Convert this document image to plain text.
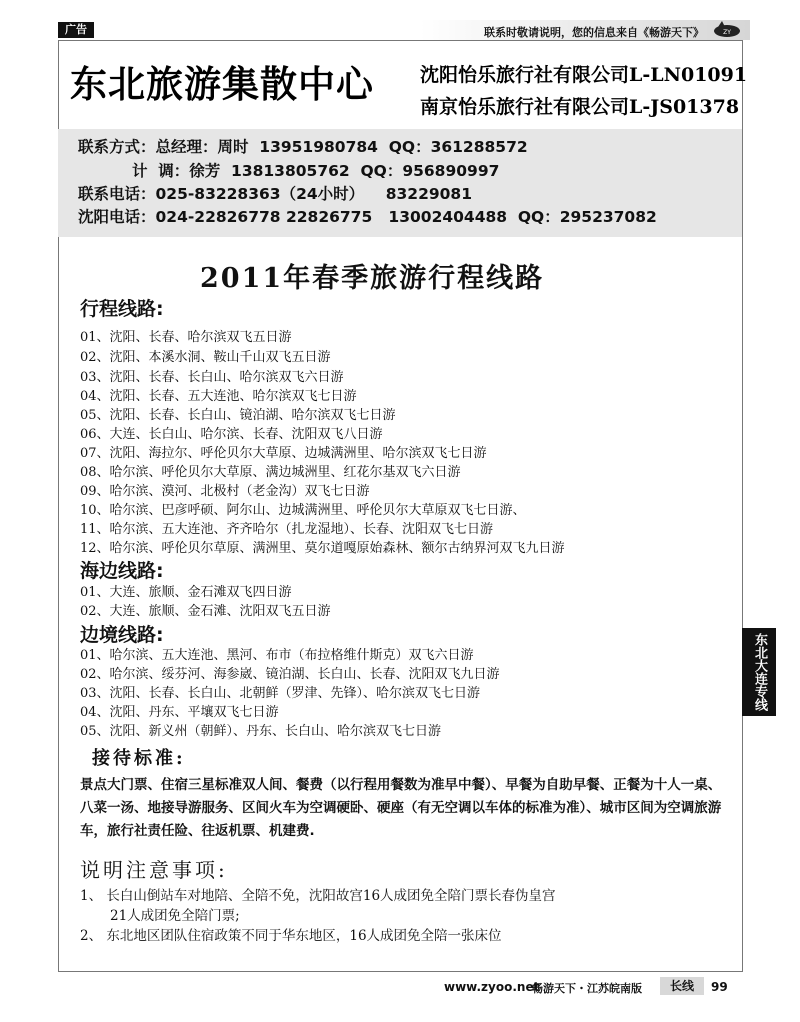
广告	联系时敬请说明，您的信息来自《畅游天下》	ZY
东北旅游集散中心 沈阳怡乐旅行社有限公司L-LN01091
南京怡乐旅行社有限公司L-JS01378
联系方式：总经理：周时  13951980784  QQ：361288572
计  调：徐芳  13813805762  QQ：956890997
联系电话：025-83228363（24小时）    83229081
沈阳电话：024-22826778 22826775   13002404488  QQ：295237082
2011年春季旅游行程线路
行程线路:
01、沈阳、长春、哈尔滨双飞五日游
02、沈阳、本溪水洞、鞍山千山双飞五日游
03、沈阳、长春、长白山、哈尔滨双飞六日游
04、沈阳、长春、五大连池、哈尔滨双飞七日游
05、沈阳、长春、长白山、镜泊湖、哈尔滨双飞七日游
06、大连、长白山、哈尔滨、长春、沈阳双飞八日游
07、沈阳、海拉尔、呼伦贝尔大草原、边城满洲里、哈尔滨双飞七日游
08、哈尔滨、呼伦贝尔大草原、满边城洲里、红花尔基双飞六日游
09、哈尔滨、漠河、北极村（老金沟）双飞七日游
10、哈尔滨、巴彦呼硕、阿尔山、边城满洲里、呼伦贝尔大草原双飞七日游、
11、哈尔滨、五大连池、齐齐哈尔（扎龙湿地）、长春、沈阳双飞七日游
12、哈尔滨、呼伦贝尔草原、满洲里、莫尔道嘎原始森林、额尔古纳界河双飞九日游
海边线路:
01、大连、旅顺、金石滩双飞四日游
02、大连、旅顺、金石滩、沈阳双飞五日游
边境线路:
01、哈尔滨、五大连池、黑河、布市（布拉格维什斯克）双飞六日游
02、哈尔滨、绥芬河、海参崴、镜泊湖、长白山、长春、沈阳双飞九日游
03、沈阳、长春、长白山、北朝鲜（罗津、先锋）、哈尔滨双飞七日游
04、沈阳、丹东、平壤双飞七日游
05、沈阳、新义州（朝鲜）、丹东、长白山、哈尔滨双飞七日游
接待标准:
景点大门票、住宿三星标准双人间、餐费（以行程用餐数为准早中餐）、早餐为自助早餐、正餐为十人一桌、八菜一汤、地接导游服务、区间火车为空调硬卧、硬座（有无空调以车体的标准为准）、城市区间为空调旅游车，旅行社责任险、往返机票、机建费.
说明注意事项:
1、 长白山倒站车对地陪、全陪不免，沈阳故宫16人成团免全陪门票长春伪皇宫
21人成团免全陪门票;
2、 东北地区团队住宿政策不同于华东地区，16人成团免全陪一张床位
东北大连专线
www.zyoo.net
畅游天下・江苏皖南版	长线	99
